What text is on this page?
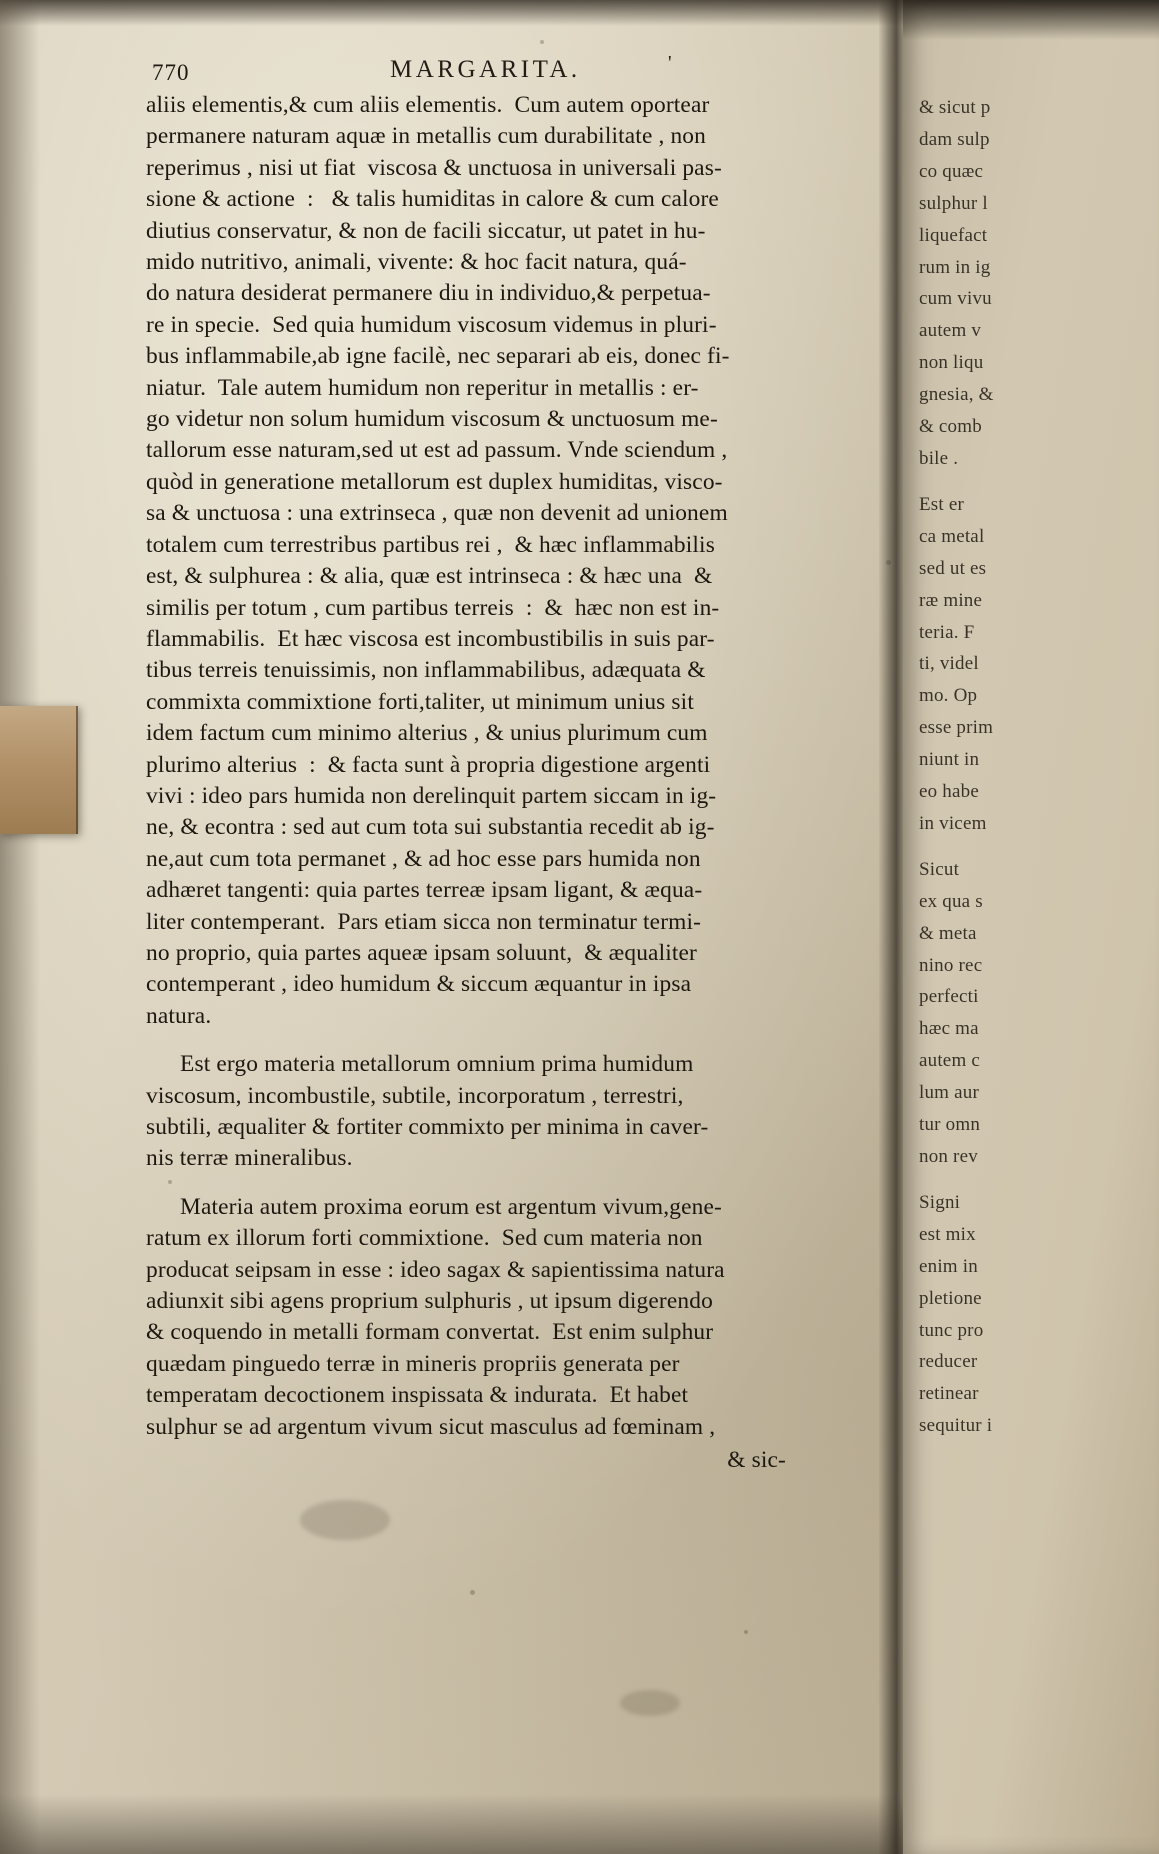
770	MARGARITA.	'
aliis elementis,& cum aliis elementis.  Cum autem oportear
permanere naturam aquæ in metallis cum durabilitate , non
reperimus , nisi ut fiat  viscosa & unctuosa in universali pas-
sione & actione  :   & talis humiditas in calore & cum calore
diutius conservatur, & non de facili siccatur, ut patet in hu-
mido nutritivo, animali, vivente: & hoc facit natura, quá-
do natura desiderat permanere diu in individuo,& perpetua-
re in specie.  Sed quia humidum viscosum videmus in pluri-
bus inflammabile,ab igne facilè, nec separari ab eis, donec fi-
niatur.  Tale autem humidum non reperitur in metallis : er-
go videtur non solum humidum viscosum & unctuosum me-
tallorum esse naturam,sed ut est ad passum. Vnde sciendum ,
quòd in generatione metallorum est duplex humiditas, visco-
sa & unctuosa : una extrinseca , quæ non devenit ad unionem
totalem cum terrestribus partibus rei ,  & hæc inflammabilis
est, & sulphurea : & alia, quæ est intrinseca : & hæc una  &
similis per totum , cum partibus terreis  :  &  hæc non est in-
flammabilis.  Et hæc viscosa est incombustibilis in suis par-
tibus terreis tenuissimis, non inflammabilibus, adæquata &
commixta commixtione forti,taliter, ut minimum unius sit
idem factum cum minimo alterius , & unius plurimum cum
plurimo alterius  :  & facta sunt à propria digestione argenti
vivi : ideo pars humida non derelinquit partem siccam in ig-
ne, & econtra : sed aut cum tota sui substantia recedit ab ig-
ne,aut cum tota permanet , & ad hoc esse pars humida non
adhæret tangenti: quia partes terreæ ipsam ligant, & æqua-
liter contemperant.  Pars etiam sicca non terminatur termi-
no proprio, quia partes aqueæ ipsam soluunt,  & æqualiter
contemperant , ideo humidum & siccum æquantur in ipsa
natura.
Est ergo materia metallorum omnium prima humidum
viscosum, incombustile, subtile, incorporatum , terrestri,
subtili, æqualiter & fortiter commixto per minima in caver-
nis terræ mineralibus.
Materia autem proxima eorum est argentum vivum,gene-
ratum ex illorum forti commixtione.  Sed cum materia non
producat seipsam in esse : ideo sagax & sapientissima natura
adiunxit sibi agens proprium sulphuris , ut ipsum digerendo
& coquendo in metalli formam convertat.  Est enim sulphur
quædam pinguedo terræ in mineris propriis generata per
temperatam decoctionem inspissata & indurata.  Et habet
sulphur se ad argentum vivum sicut masculus ad fœminam ,
& sic-
& sicut p
dam sulp
co quæc
sulphur l
liquefact
rum in ig
cum vivu
autem v
non liqu
gnesia, &
& comb
bile .
Est er
ca metal
sed ut es
ræ mine
teria. F
ti, videl
mo. Op
esse prim
niunt in
eo habe
in vicem
Sicut
ex qua s
& meta
nino rec
perfecti
hæc ma
autem c
lum aur
tur omn
non rev
Signi
est mix
enim in
pletione
tunc pro
reducer
retinear
sequitur i
